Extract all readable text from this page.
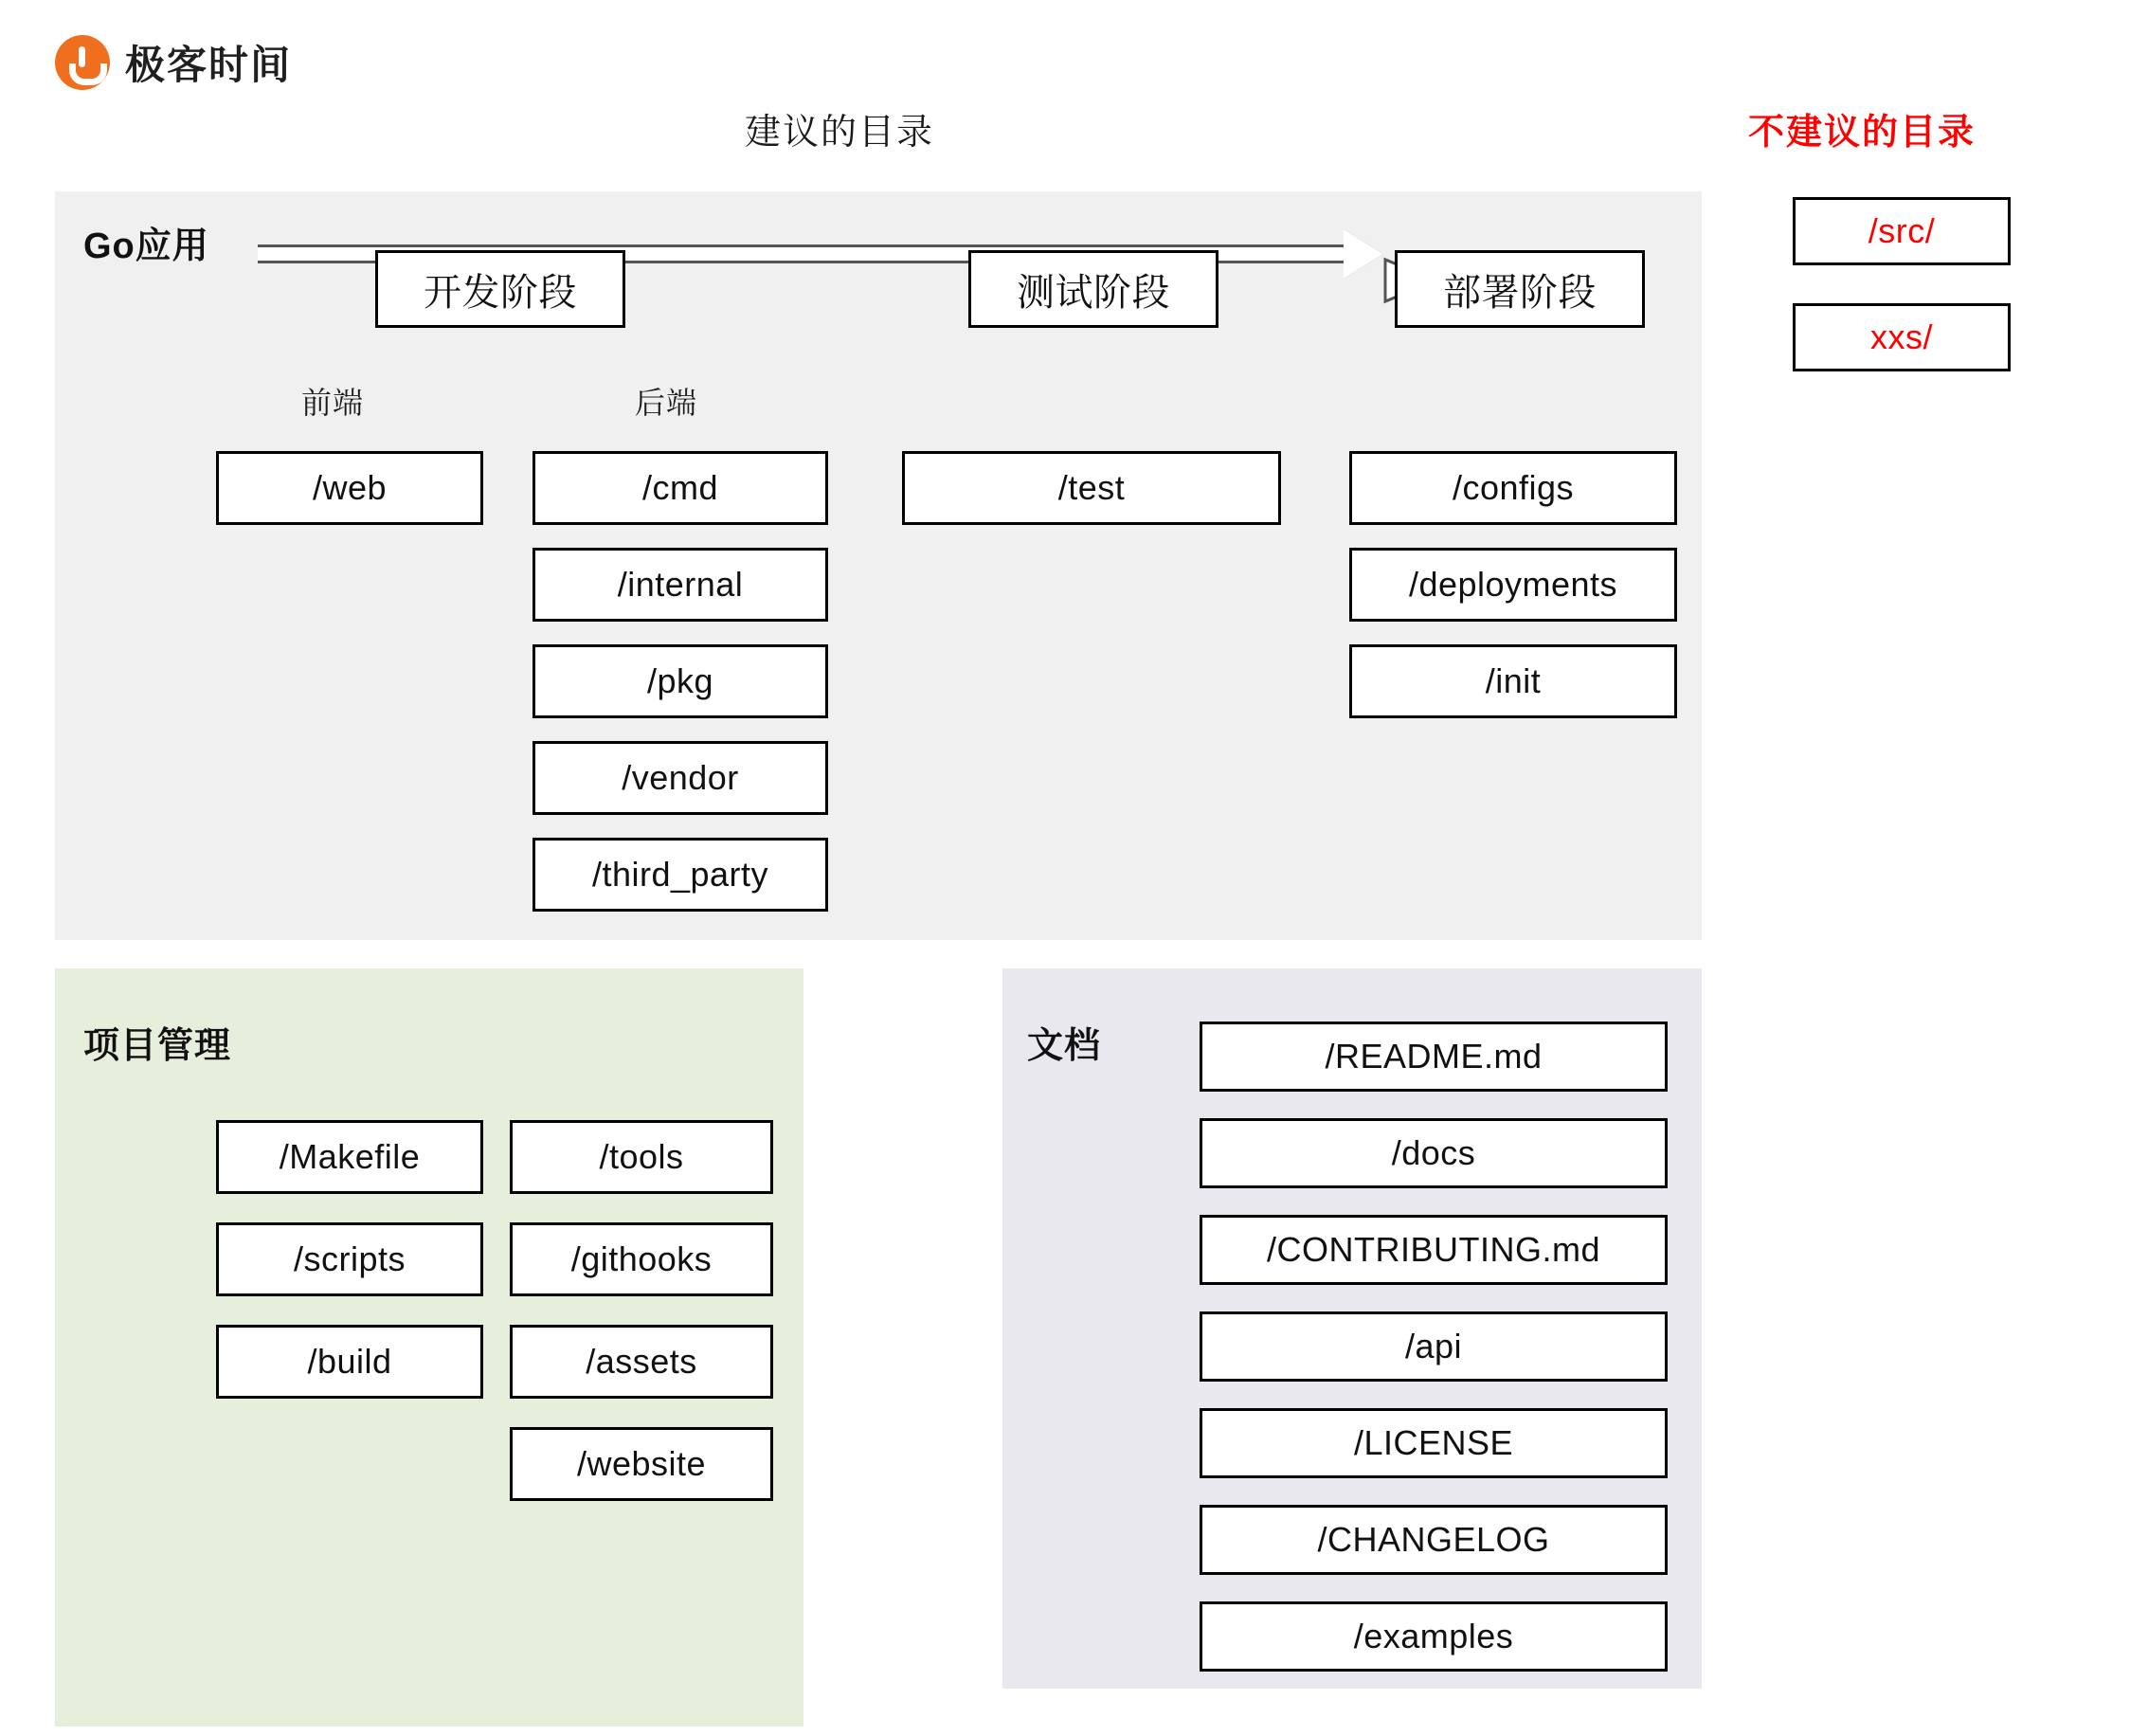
极客时间
建议的目录	不建议的目录
Go应用
开发阶段	测试阶段	部署阶段
前端	后端
/web	/cmd
/internal
/pkg
/vendor
/third_party
/test	/configs
/deployments
/init
/src/
xxs/
项目管理
/Makefile
/scripts
/build
/tools
/githooks
/assets
/website
文档	/README.md
/docs
/CONTRIBUTING.md
/api
/LICENSE
/CHANGELOG
/examples
